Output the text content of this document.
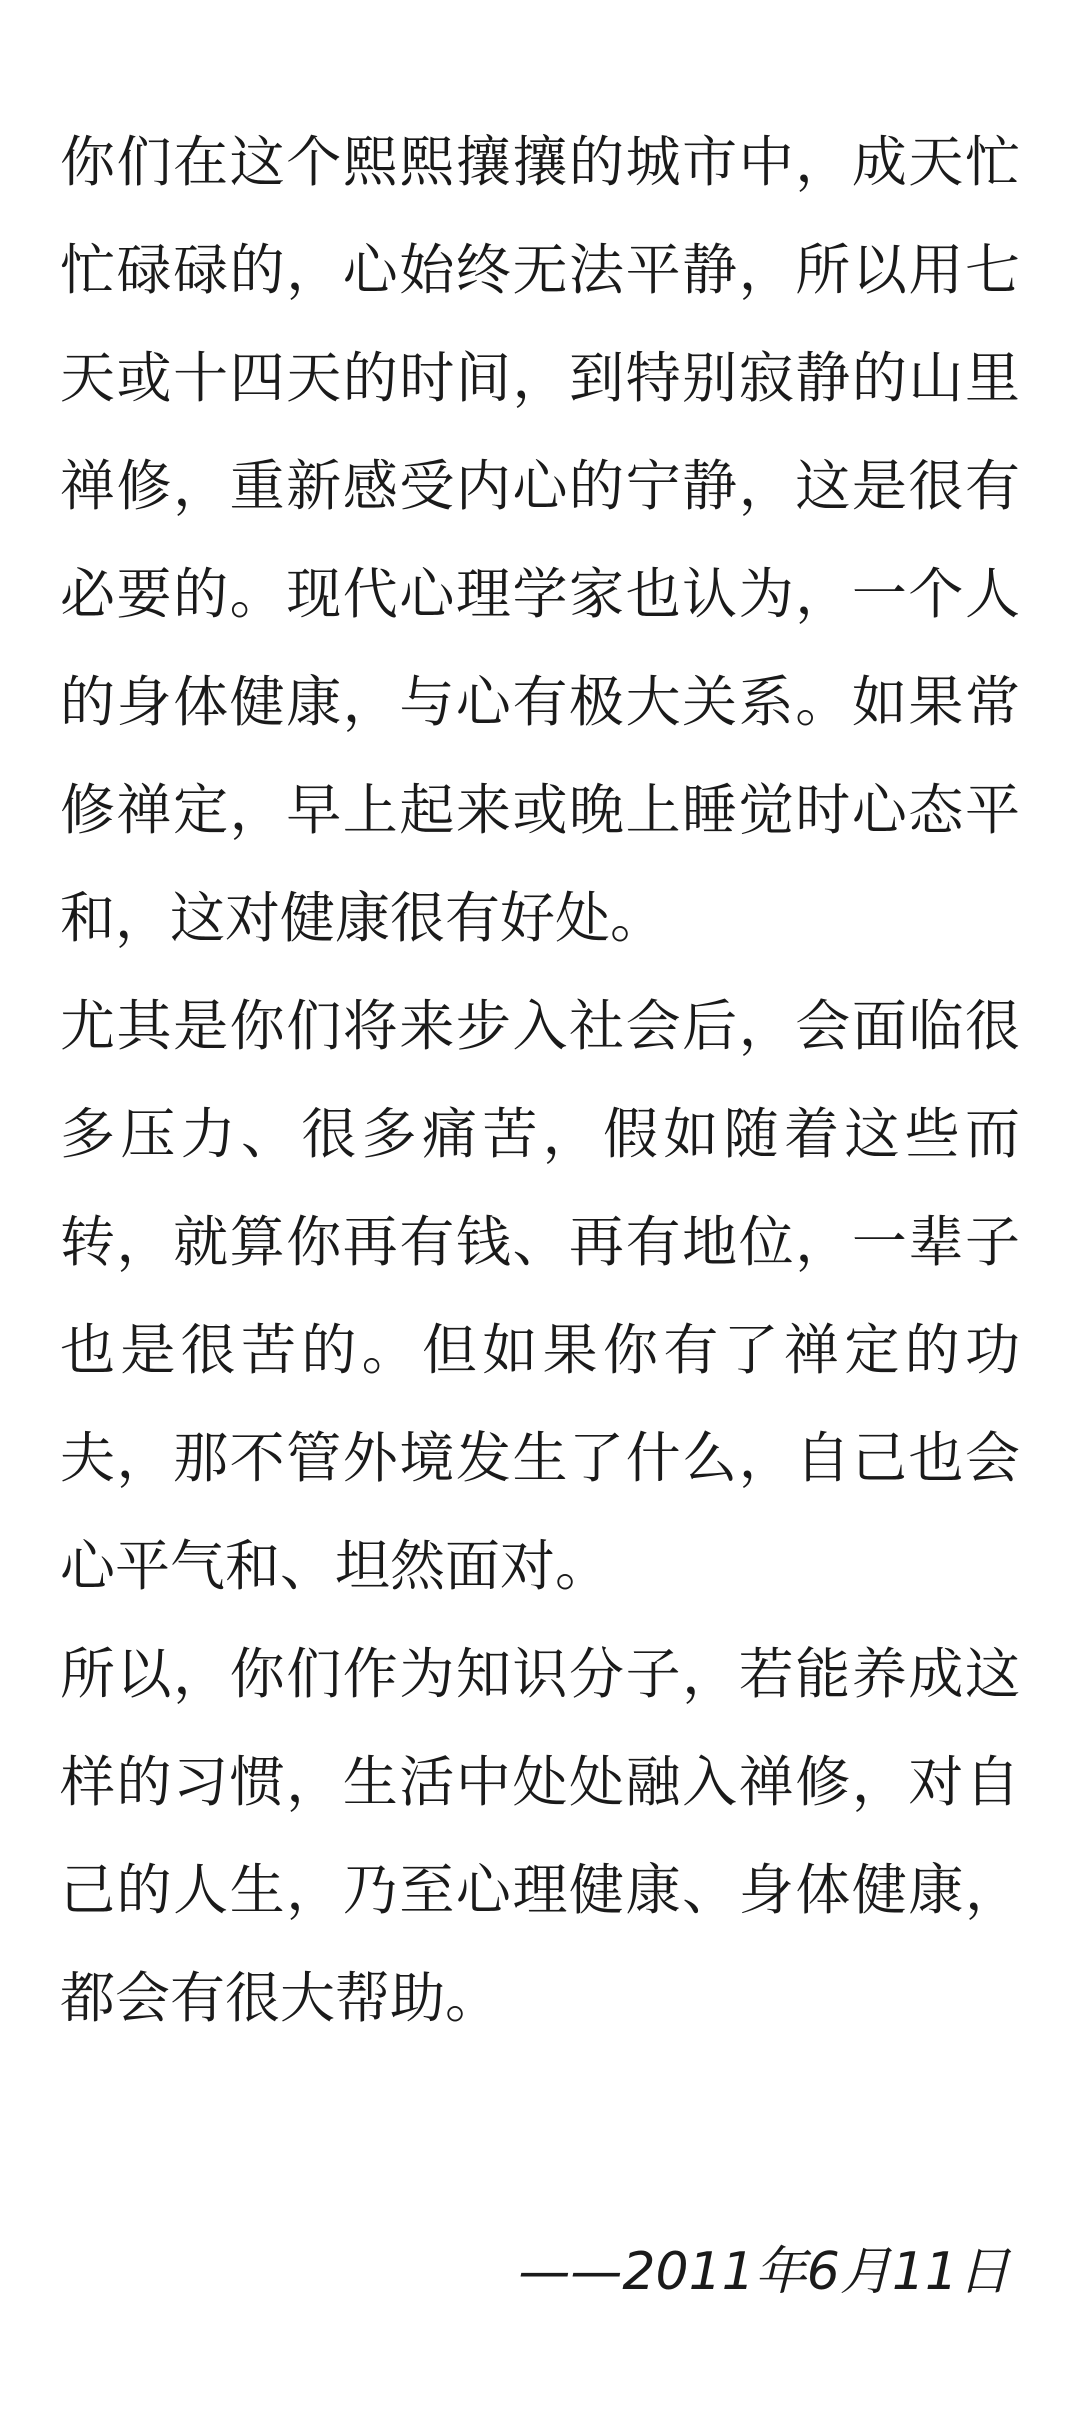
你们在这个熙熙攘攘的城市中，成天忙忙碌碌的，心始终无法平静，所以用七天或十四天的时间，到特别寂静的山里禅修，重新感受内心的宁静，这是很有必要的。现代心理学家也认为，一个人的身体健康，与心有极大关系。如果常修禅定，早上起来或晚上睡觉时心态平和，这对健康很有好处。

尤其是你们将来步入社会后，会面临很多压力、很多痛苦，假如随着这些而转，就算你再有钱、再有地位，一辈子也是很苦的。但如果你有了禅定的功夫，那不管外境发生了什么，自己也会心平气和、坦然面对。

所以，你们作为知识分子，若能养成这样的习惯，生活中处处融入禅修，对自己的人生，乃至心理健康、身体健康，都会有很大帮助。

——2011年6月11日
